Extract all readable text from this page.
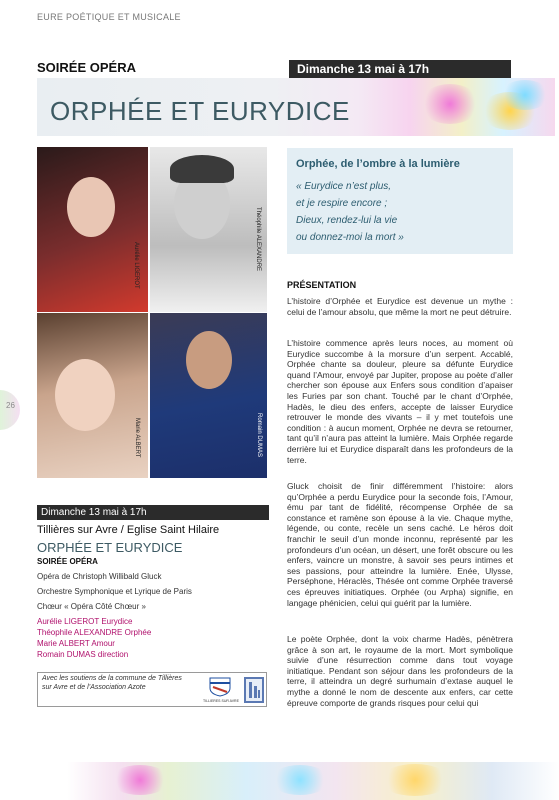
EURE POÉTIQUE ET MUSICALE
SOIRÉE OPÉRA	Dimanche 13 mai à 17h
ORPHÉE ET EURYDICE
Aurélie LIGEROT	Théophile ALEXANDRE
Marie ALBERT	Romain DUMAS
Orphée, de l’ombre à la lumière
« Eurydice n’est plus,
et je respire encore ;
Dieux, rendez-lui la vie
ou donnez-moi la mort »
PRÉSENTATION
L’histoire d’Orphée et Eurydice est devenue un mythe : celui de l’amour absolu, que même la mort ne peut détruire.
L’histoire commence après leurs noces, au moment où Eurydice succombe à la morsure d’un serpent. Accablé, Orphée chante sa douleur, pleure sa défunte Eurydice quand l’Amour, envoyé par Jupiter, propose au poète d’aller chercher son épouse aux Enfers sous condition d’apaiser les Furies par son chant. Touché par le chant d’Orphée, Hadès, le dieu des enfers, accepte de laisser Eurydice retrouver le monde des vivants – il y met toutefois une condition : à aucun moment, Orphée ne devra se retourner, tant qu’il n’aura pas atteint la lumière. Mais Orphée regarde derrière lui et Eurydice disparaît dans les profondeurs de la terre.
Gluck choisit de finir différemment l’histoire: alors qu’Orphée a perdu Eurydice pour la seconde fois, l’Amour, ému par tant de fidélité, récompense Orphée de sa constance et ramène son épouse à la vie. Chaque mythe, légende, ou conte, recèle un sens caché. Le héros doit franchir le seuil d’un monde inconnu, représenté par les profondeurs d’un océan, un désert, une forêt obscure ou les enfers, vaincre un monstre, à savoir ses peurs intimes et ses passions, pour atteindre la lumière. Enée, Ulysse, Perséphone, Héraclès, Thésée ont comme Orphée traversé ces épreuves initiatiques. Orphée (ou Arpha) signifie, en langage phénicien, celui qui guérit par la lumière.
Le poète Orphée, dont la voix charme Hadès, pénètrera grâce à son art, le royaume de la mort. Mort symbolique suivie d’une résurrection comme dans tout voyage initiatique. Pendant son séjour dans les profondeurs de la terre, il atteindra un degré surhumain d’extase auquel le mythe a donné le nom de descente aux enfers, car cette épreuve comporte de grands risques pour celui qui
26
Dimanche 13 mai à 17h
Tillières sur Avre / Eglise Saint Hilaire
ORPHÉE ET EURYDICE
SOIRÉE OPÉRA
Opéra de Christoph Willibald Gluck
Orchestre Symphonique et Lyrique de Paris
Chœur « Opéra Côté Chœur »
Aurélie LIGEROT Eurydice
Théophile ALEXANDRE Orphée
Marie ALBERT Amour
Romain DUMAS direction
Avec les soutiens de la commune de Tillières sur Avre et de l’Association Azote
TILLIERES SUR AVRE
